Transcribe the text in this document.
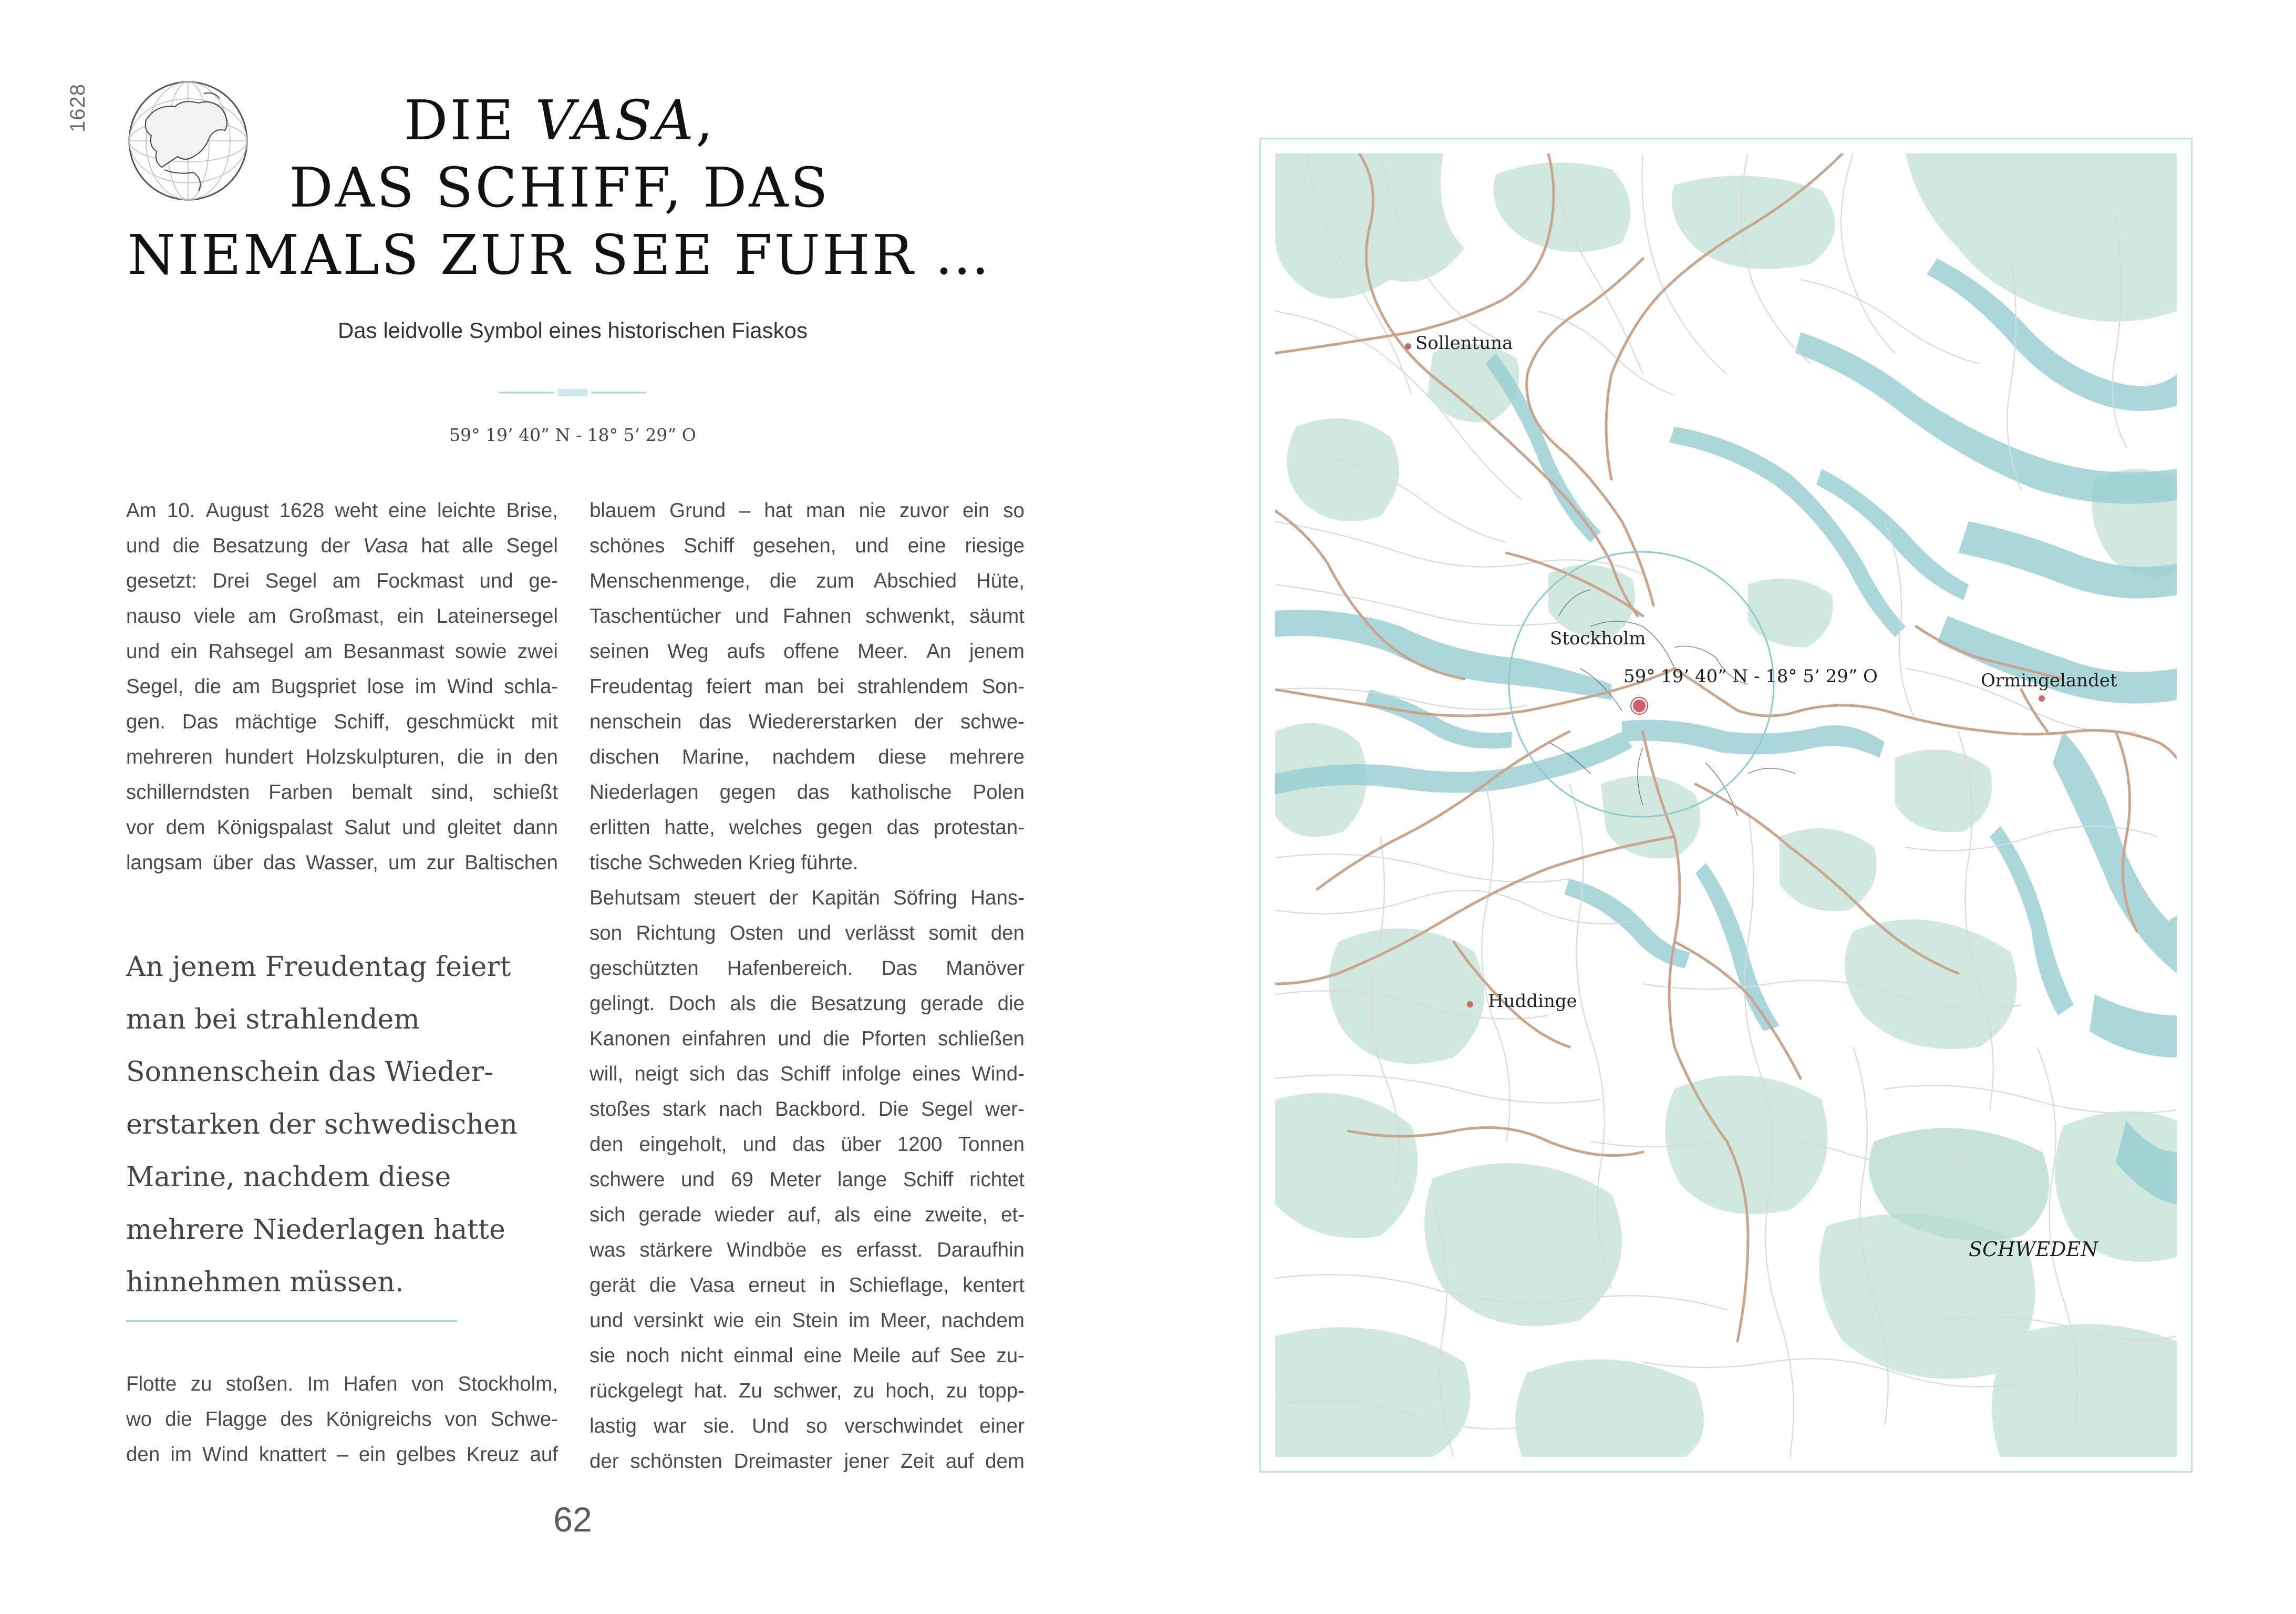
1628	DIE VASA,
DAS SCHIFF, DAS
NIEMALS ZUR SEE FUHR …
Das leidvolle Symbol eines historischen Fiaskos
59° 19’ 40” N - 18° 5’ 29” O
Am 10. August 1628 weht eine leichte Brise,
und die Besatzung der Vasa hat alle Segel
gesetzt: Drei Segel am Fockmast und ge-
nauso viele am Großmast, ein Lateinersegel
und ein Rahsegel am Besanmast sowie zwei
Segel, die am Bugspriet lose im Wind schla-
gen. Das mächtige Schiff, geschmückt mit
mehreren hundert Holzskulpturen, die in den
schillerndsten Farben bemalt sind, schießt
vor dem Königspalast Salut und gleitet dann
langsam über das Wasser, um zur Baltischen
An jenem Freudentag feiert
man bei strahlendem
Sonnenschein das Wieder-
erstarken der schwedischen
Marine, nachdem diese
mehrere Niederlagen hatte
hinnehmen müssen.
Flotte zu stoßen. Im Hafen von Stockholm,
wo die Flagge des Königreichs von Schwe-
den im Wind knattert – ein gelbes Kreuz auf
blauem Grund – hat man nie zuvor ein so
schönes Schiff gesehen, und eine riesige
Menschenmenge, die zum Abschied Hüte,
Taschentücher und Fahnen schwenkt, säumt
seinen Weg aufs offene Meer. An jenem
Freudentag feiert man bei strahlendem Son-
nenschein das Wiedererstarken der schwe-
dischen Marine, nachdem diese mehrere
Niederlagen gegen das katholische Polen
erlitten hatte, welches gegen das protestan-
tische Schweden Krieg führte.
Behutsam steuert der Kapitän Söfring Hans-
son Richtung Osten und verlässt somit den
geschützten Hafenbereich. Das Manöver
gelingt. Doch als die Besatzung gerade die
Kanonen einfahren und die Pforten schließen
will, neigt sich das Schiff infolge eines Wind-
stoßes stark nach Backbord. Die Segel wer-
den eingeholt, und das über 1200 Tonnen
schwere und 69 Meter lange Schiff richtet
sich gerade wieder auf, als eine zweite, et-
was stärkere Windböe es erfasst. Daraufhin
gerät die Vasa erneut in Schieflage, kentert
und versinkt wie ein Stein im Meer, nachdem
sie noch nicht einmal eine Meile auf See zu-
rückgelegt hat. Zu schwer, zu hoch, zu topp-
lastig war sie. Und so verschwindet einer
der schönsten Dreimaster jener Zeit auf dem
62
Sollentuna
Stockholm
59° 19’ 40” N - 18° 5’ 29” O	Ormingelandet
Huddinge
SCHWEDEN
